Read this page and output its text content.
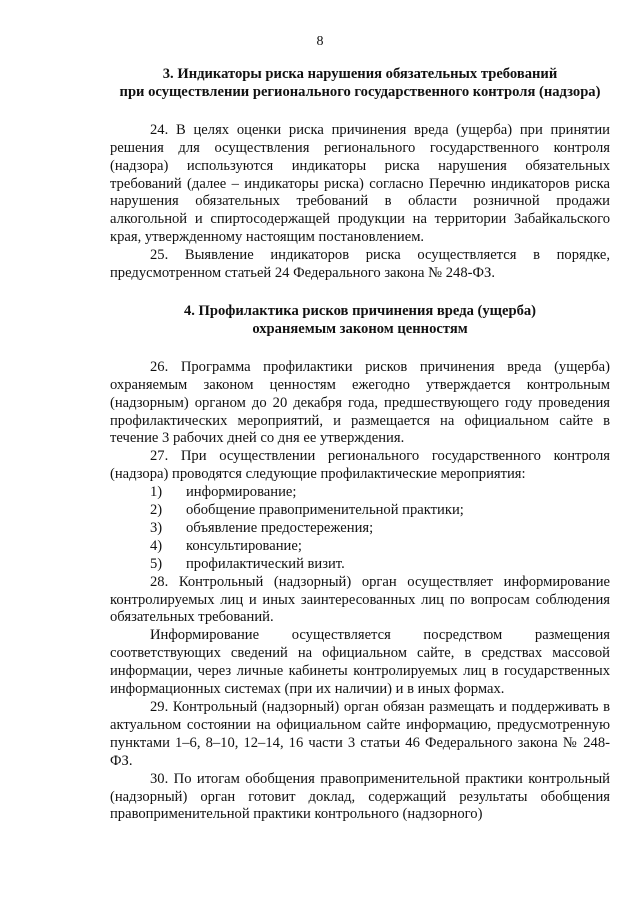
8
3. Индикаторы риска нарушения обязательных требований
при осуществлении регионального государственного контроля (надзора)

24. В целях оценки риска причинения вреда (ущерба) при принятии решения для осуществления регионального государственного контроля (надзора) используются индикаторы риска нарушения обязательных требований (далее – индикаторы риска) согласно Перечню индикаторов риска нарушения обязательных требований в области розничной продажи алкогольной и спиртосодержащей продукции на территории Забайкальского края, утвержденному настоящим постановлением.

25. Выявление индикаторов риска осуществляется в порядке, предусмотренном статьей 24 Федерального закона № 248-ФЗ.

4. Профилактика рисков причинения вреда (ущерба)
охраняемым законом ценностям

26. Программа профилактики рисков причинения вреда (ущерба) охраняемым законом ценностям ежегодно утверждается контрольным (надзорным) органом до 20 декабря года, предшествующего году проведения профилактических мероприятий, и размещается на официальном сайте в течение 3 рабочих дней со дня ее утверждения.

27. При осуществлении регионального государственного контроля (надзора) проводятся следующие профилактические мероприятия:

1) информирование;
2) обобщение правоприменительной практики;
3) объявление предостережения;
4) консультирование;
5) профилактический визит.

28. Контрольный (надзорный) орган осуществляет информирование контролируемых лиц и иных заинтересованных лиц по вопросам соблюдения обязательных требований.

Информирование осуществляется посредством размещения соответствующих сведений на официальном сайте, в средствах массовой информации, через личные кабинеты контролируемых лиц в государственных информационных системах (при их наличии) и в иных формах.

29. Контрольный (надзорный) орган обязан размещать и поддерживать в актуальном состоянии на официальном сайте информацию, предусмотренную пунктами 1–6, 8–10, 12–14, 16 части 3 статьи 46 Федерального закона № 248-ФЗ.

30. По итогам обобщения правоприменительной практики контрольный (надзорный) орган готовит доклад, содержащий результаты обобщения правоприменительной практики контрольного (надзорного)
